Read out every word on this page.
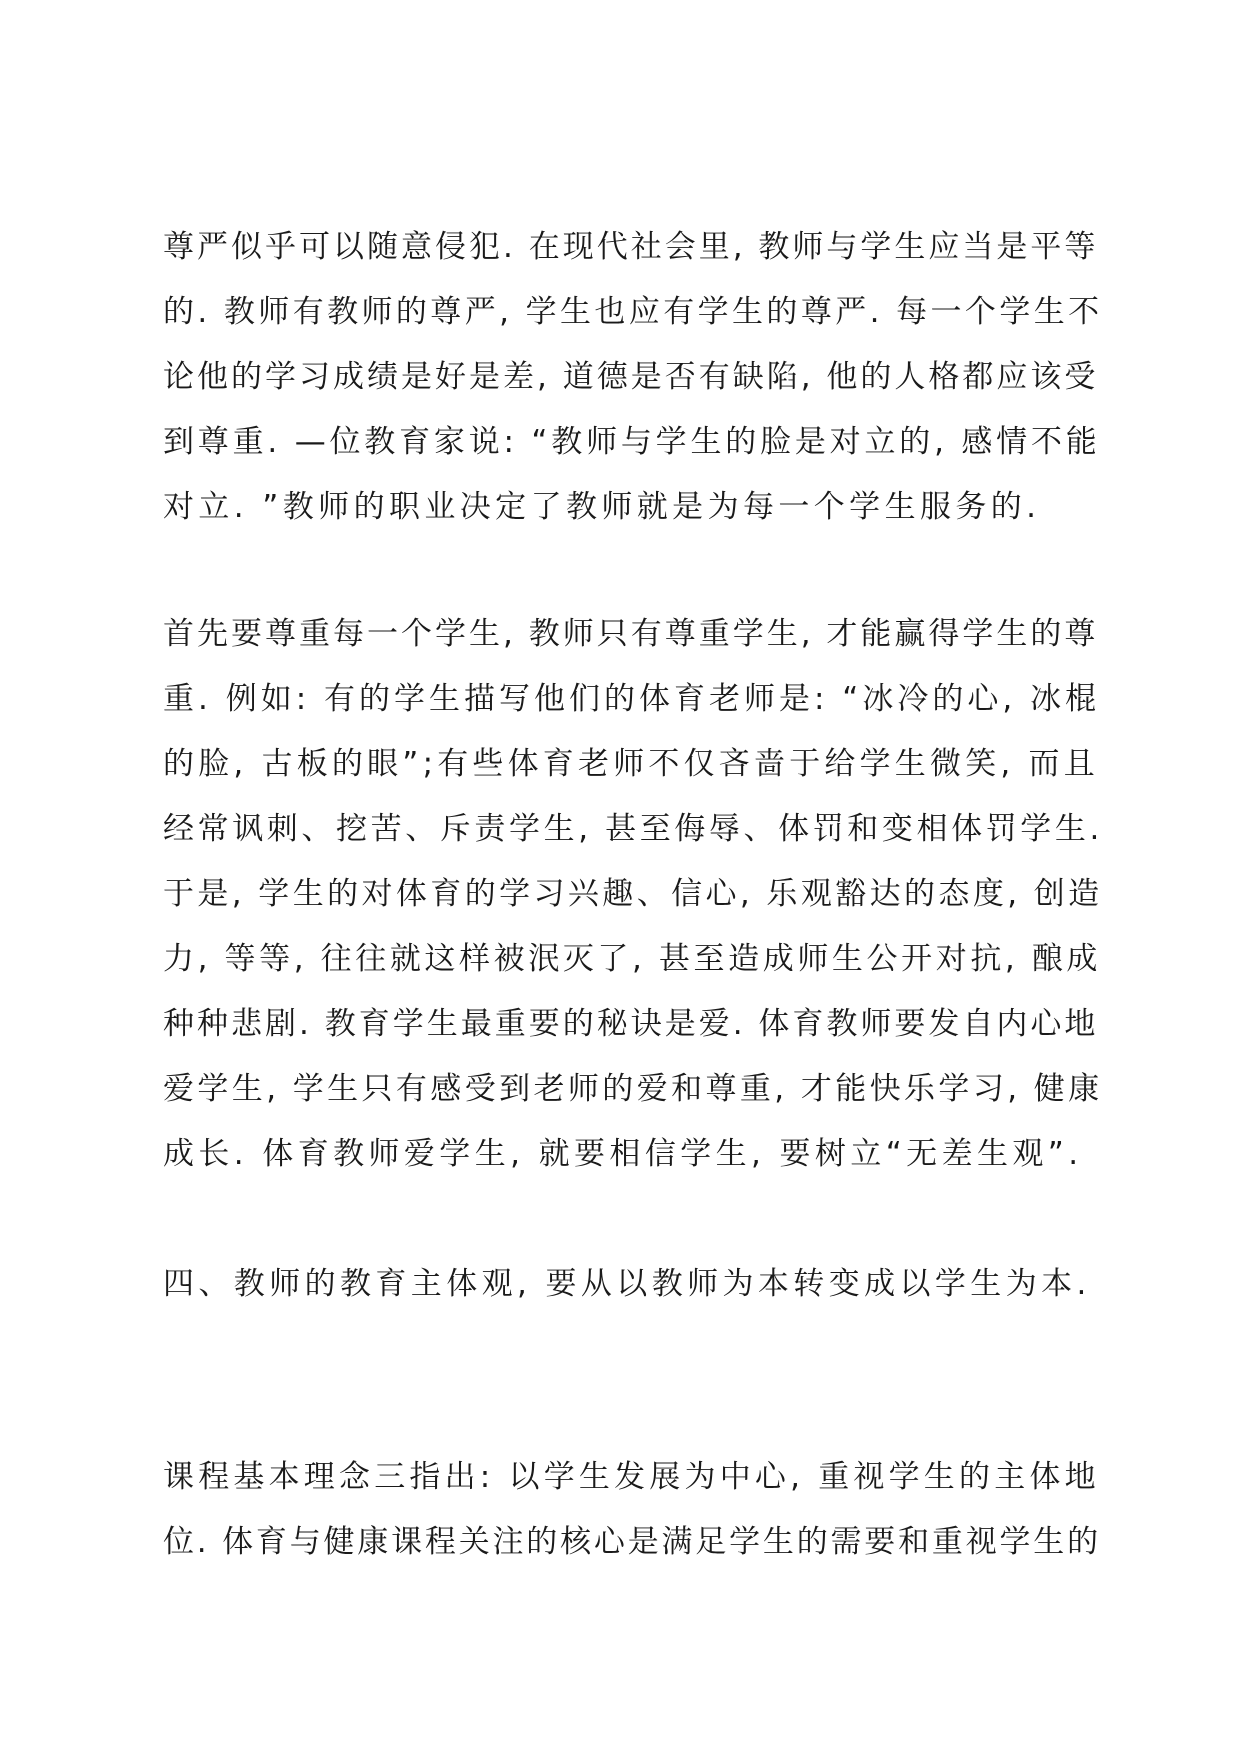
尊严似乎可以随意侵犯. 在现代社会里, 教师与学生应当是平等
的. 教师有教师的尊严, 学生也应有学生的尊严. 每一个学生不
论他的学习成绩是好是差, 道德是否有缺陷, 他的人格都应该受
到尊重. —位教育家说: “教师与学生的脸是对立的, 感情不能
对立. ”教师的职业决定了教师就是为每一个学生服务的.
首先要尊重每一个学生, 教师只有尊重学生, 才能赢得学生的尊
重. 例如: 有的学生描写他们的体育老师是: “冰冷的心, 冰棍
的脸, 古板的眼”;有些体育老师不仅吝啬于给学生微笑, 而且
经常讽刺、挖苦、斥责学生, 甚至侮辱、体罚和变相体罚学生.
于是, 学生的对体育的学习兴趣、信心, 乐观豁达的态度, 创造
力, 等等, 往往就这样被泯灭了, 甚至造成师生公开对抗, 酿成
种种悲剧. 教育学生最重要的秘诀是爱. 体育教师要发自内心地
爱学生, 学生只有感受到老师的爱和尊重, 才能快乐学习, 健康
成长. 体育教师爱学生, 就要相信学生, 要树立“无差生观”.
四、教师的教育主体观, 要从以教师为本转变成以学生为本.
课程基本理念三指出: 以学生发展为中心, 重视学生的主体地
位. 体育与健康课程关注的核心是满足学生的需要和重视学生的
